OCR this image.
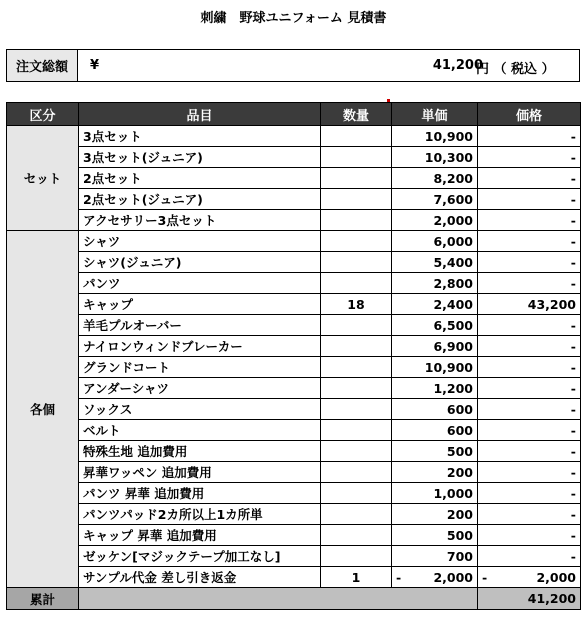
刺繍　野球ユニフォーム 見積書
注文総額	¥	41,200
円 （ 税込 ）
区分	品目	数量	単価	価格
セット	3点セット		10,900	-
	3点セット(ジュニア)		10,300	-
	2点セット		8,200	-
	2点セット(ジュニア)		7,600	-
	アクセサリー3点セット		2,000	-
各個	シャツ		6,000	-
	シャツ(ジュニア)		5,400	-
	パンツ		2,800	-
	キャップ	18	2,400	43,200
	羊毛プルオーバー		6,500	-
	ナイロンウィンドブレーカー		6,900	-
	グランドコート		10,900	-
	アンダーシャツ		1,200	-
	ソックス		600	-
	ベルト		600	-
	特殊生地 追加費用		500	-
	昇華ワッペン 追加費用		200	-
	パンツ 昇華 追加費用		1,000	-
	パンツパッド2カ所以上1カ所単		200	-
	キャップ 昇華 追加費用		500	-
	ゼッケン[マジックテープ加工なし]		700	-
	サンプル代金 差し引き返金	1	- 2,000	- 2,000

累計				41,200
